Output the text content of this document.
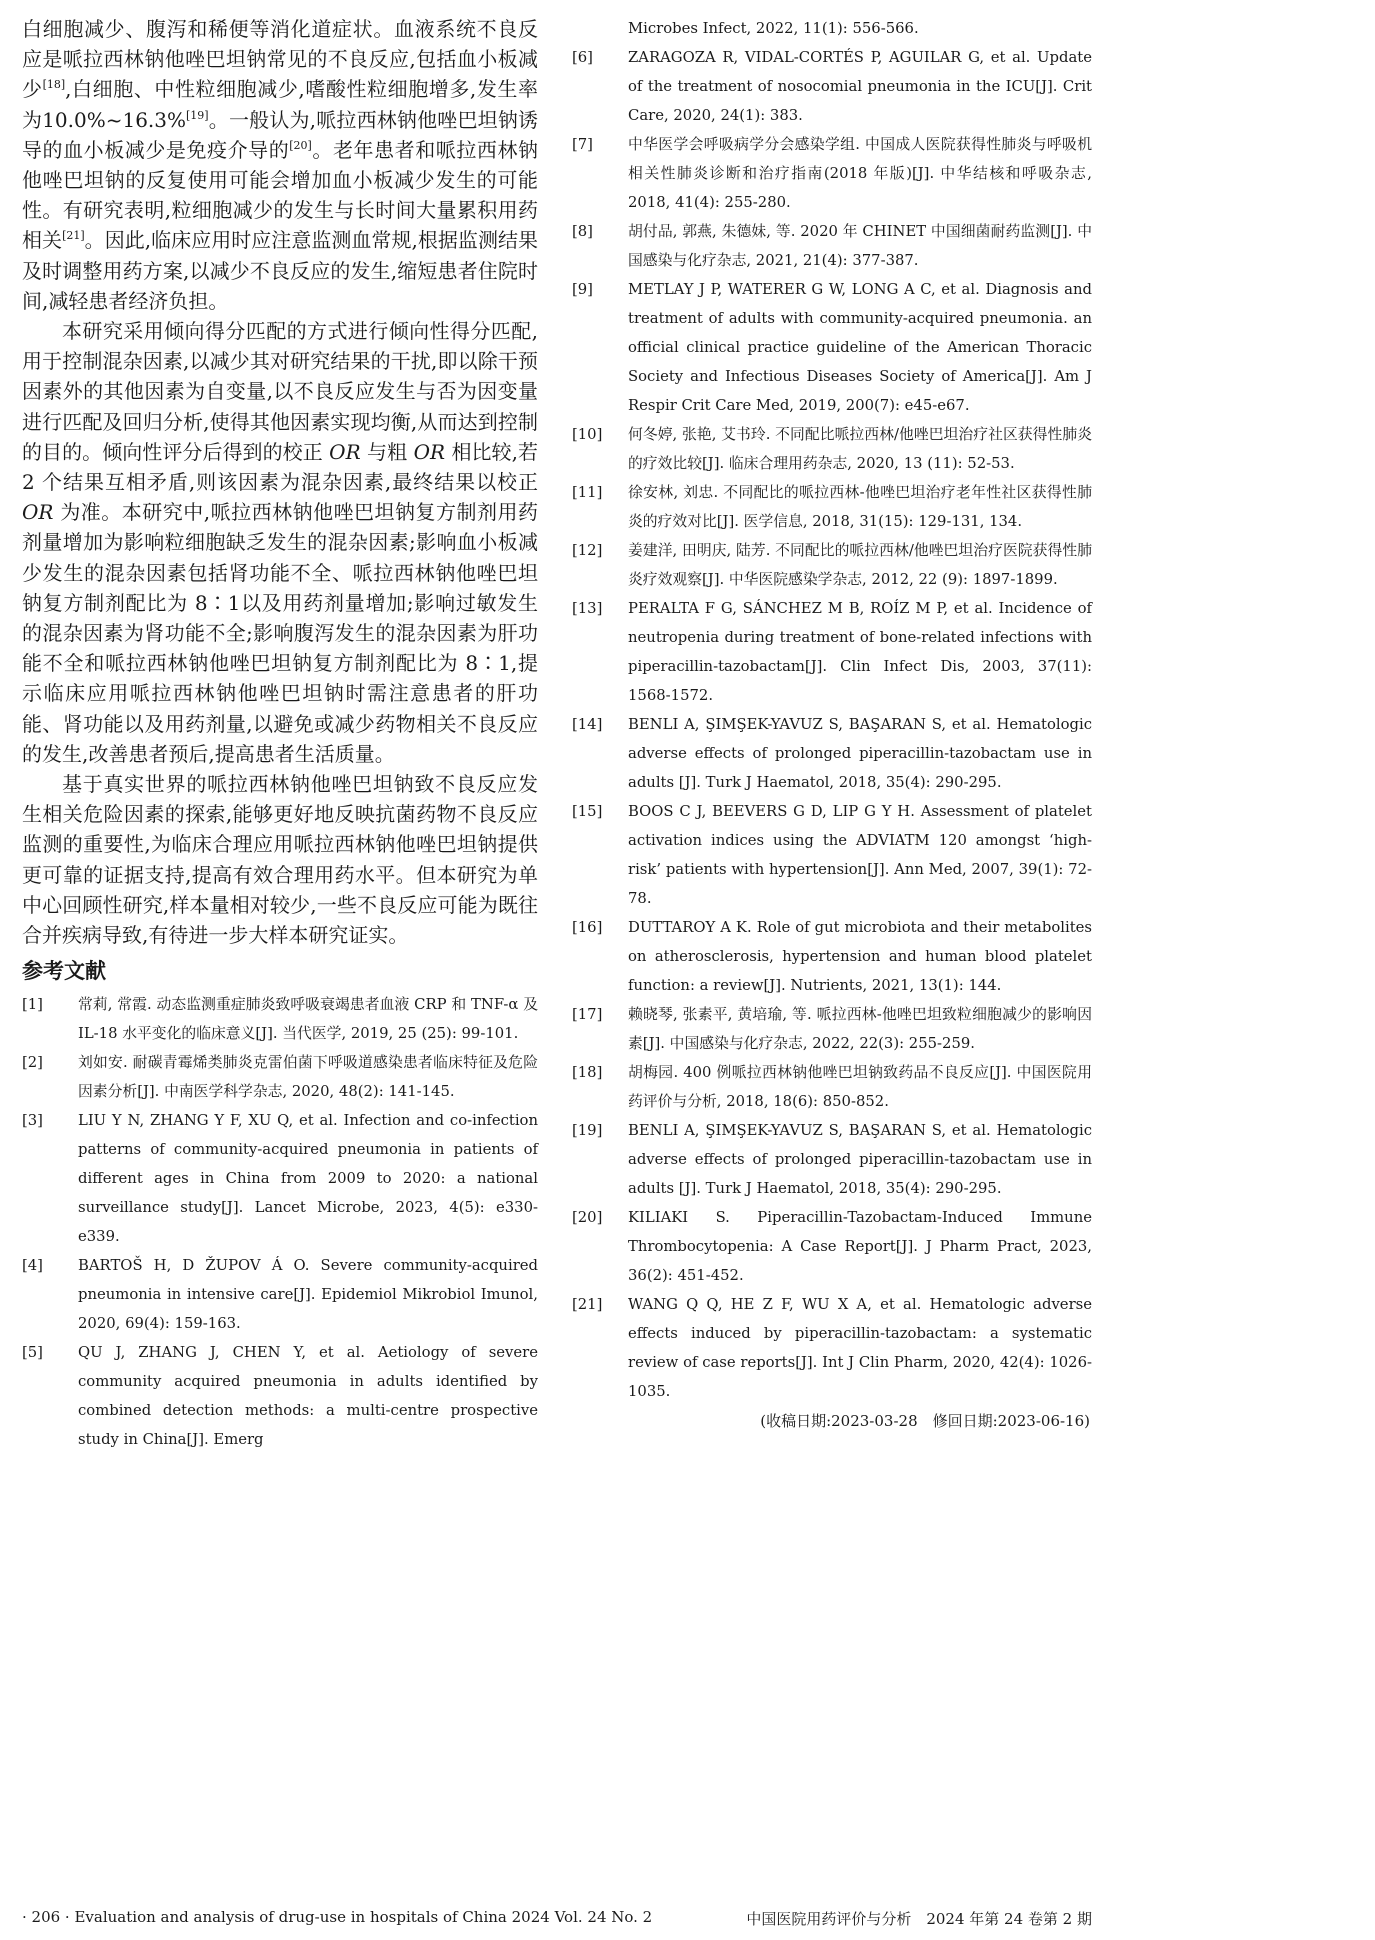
白细胞减少、腹泻和稀便等消化道症状。血液系统不良反应是哌拉西林钠他唑巴坦钠常见的不良反应,包括血小板减少[18],白细胞、中性粒细胞减少,嗜酸性粒细胞增多,发生率为10.0%~16.3%[19]。一般认为,哌拉西林钠他唑巴坦钠诱导的血小板减少是免疫介导的[20]。老年患者和哌拉西林钠他唑巴坦钠的反复使用可能会增加血小板减少发生的可能性。有研究表明,粒细胞减少的发生与长时间大量累积用药相关[21]。因此,临床应用时应注意监测血常规,根据监测结果及时调整用药方案,以减少不良反应的发生,缩短患者住院时间,减轻患者经济负担。

本研究采用倾向得分匹配的方式进行倾向性得分匹配,用于控制混杂因素,以减少其对研究结果的干扰,即以除干预因素外的其他因素为自变量,以不良反应发生与否为因变量进行匹配及回归分析,使得其他因素实现均衡,从而达到控制的目的。倾向性评分后得到的校正 OR 与粗 OR 相比较,若 2 个结果互相矛盾,则该因素为混杂因素,最终结果以校正 OR 为准。本研究中,哌拉西林钠他唑巴坦钠复方制剂用药剂量增加为影响粒细胞缺乏发生的混杂因素;影响血小板减少发生的混杂因素包括肾功能不全、哌拉西林钠他唑巴坦钠复方制剂配比为 8∶1以及用药剂量增加;影响过敏发生的混杂因素为肾功能不全;影响腹泻发生的混杂因素为肝功能不全和哌拉西林钠他唑巴坦钠复方制剂配比为 8∶1,提示临床应用哌拉西林钠他唑巴坦钠时需注意患者的肝功能、肾功能以及用药剂量,以避免或减少药物相关不良反应的发生,改善患者预后,提高患者生活质量。

基于真实世界的哌拉西林钠他唑巴坦钠致不良反应发生相关危险因素的探索,能够更好地反映抗菌药物不良反应监测的重要性,为临床合理应用哌拉西林钠他唑巴坦钠提供更可靠的证据支持,提高有效合理用药水平。但本研究为单中心回顾性研究,样本量相对较少,一些不良反应可能为既往合并疾病导致,有待进一步大样本研究证实。

参考文献
[1]	常莉, 常霞. 动态监测重症肺炎致呼吸衰竭患者血液 CRP 和 TNF-α 及 IL-18 水平变化的临床意义[J]. 当代医学, 2019, 25 (25): 99-101.
[2]	刘如安. 耐碳青霉烯类肺炎克雷伯菌下呼吸道感染患者临床特征及危险因素分析[J]. 中南医学科学杂志, 2020, 48(2): 141-145.
[3]	LIU Y N, ZHANG Y F, XU Q, et al. Infection and co-infection patterns of community-acquired pneumonia in patients of different ages in China from 2009 to 2020: a national surveillance study[J]. Lancet Microbe, 2023, 4(5): e330-e339.
[4]	BARTOŠ H, D ŽUPOV Á O. Severe community-acquired pneumonia in intensive care[J]. Epidemiol Mikrobiol Imunol, 2020, 69(4): 159-163.
[5]	QU J, ZHANG J, CHEN Y, et al. Aetiology of severe community acquired pneumonia in adults identified by combined detection methods: a multi-centre prospective study in China[J]. Emerg
Microbes Infect, 2022, 11(1): 556-566.
[6]	ZARAGOZA R, VIDAL-CORTÉS P, AGUILAR G, et al. Update of the treatment of nosocomial pneumonia in the ICU[J]. Crit Care, 2020, 24(1): 383.
[7]	中华医学会呼吸病学分会感染学组. 中国成人医院获得性肺炎与呼吸机相关性肺炎诊断和治疗指南(2018 年版)[J]. 中华结核和呼吸杂志, 2018, 41(4): 255-280.
[8]	胡付品, 郭燕, 朱德妹, 等. 2020 年 CHINET 中国细菌耐药监测[J]. 中国感染与化疗杂志, 2021, 21(4): 377-387.
[9]	METLAY J P, WATERER G W, LONG A C, et al. Diagnosis and treatment of adults with community-acquired pneumonia. an official clinical practice guideline of the American Thoracic Society and Infectious Diseases Society of America[J]. Am J Respir Crit Care Med, 2019, 200(7): e45-e67.
[10]	何冬婷, 张艳, 艾书玲. 不同配比哌拉西林/他唑巴坦治疗社区获得性肺炎的疗效比较[J]. 临床合理用药杂志, 2020, 13 (11): 52-53.
[11]	徐安林, 刘忠. 不同配比的哌拉西林-他唑巴坦治疗老年性社区获得性肺炎的疗效对比[J]. 医学信息, 2018, 31(15): 129-131, 134.
[12]	姜建洋, 田明庆, 陆芳. 不同配比的哌拉西林/他唑巴坦治疗医院获得性肺炎疗效观察[J]. 中华医院感染学杂志, 2012, 22 (9): 1897-1899.
[13]	PERALTA F G, SÁNCHEZ M B, ROÍZ M P, et al. Incidence of neutropenia during treatment of bone-related infections with piperacillin-tazobactam[J]. Clin Infect Dis, 2003, 37(11): 1568-1572.
[14]	BENLI A, ŞIMŞEK-YAVUZ S, BAŞARAN S, et al. Hematologic adverse effects of prolonged piperacillin-tazobactam use in adults [J]. Turk J Haematol, 2018, 35(4): 290-295.
[15]	BOOS C J, BEEVERS G D, LIP G Y H. Assessment of platelet activation indices using the ADVIATM 120 amongst ‘high-risk’ patients with hypertension[J]. Ann Med, 2007, 39(1): 72-78.
[16]	DUTTAROY A K. Role of gut microbiota and their metabolites on atherosclerosis, hypertension and human blood platelet function: a review[J]. Nutrients, 2021, 13(1): 144.
[17]	赖晓琴, 张素平, 黄培瑜, 等. 哌拉西林-他唑巴坦致粒细胞减少的影响因素[J]. 中国感染与化疗杂志, 2022, 22(3): 255-259.
[18]	胡梅园. 400 例哌拉西林钠他唑巴坦钠致药品不良反应[J]. 中国医院用药评价与分析, 2018, 18(6): 850-852.
[19]	BENLI A, ŞIMŞEK-YAVUZ S, BAŞARAN S, et al. Hematologic adverse effects of prolonged piperacillin-tazobactam use in adults [J]. Turk J Haematol, 2018, 35(4): 290-295.
[20]	KILIAKI S. Piperacillin-Tazobactam-Induced Immune Thrombocytopenia: A Case Report[J]. J Pharm Pract, 2023, 36(2): 451-452.
[21]	WANG Q Q, HE Z F, WU X A, et al. Hematologic adverse effects induced by piperacillin-tazobactam: a systematic review of case reports[J]. Int J Clin Pharm, 2020, 42(4): 1026-1035.
(收稿日期:2023-03-28　修回日期:2023-06-16)
· 206 · Evaluation and analysis of drug-use in hospitals of China 2024 Vol. 24 No. 2	中国医院用药评价与分析　2024 年第 24 卷第 2 期
